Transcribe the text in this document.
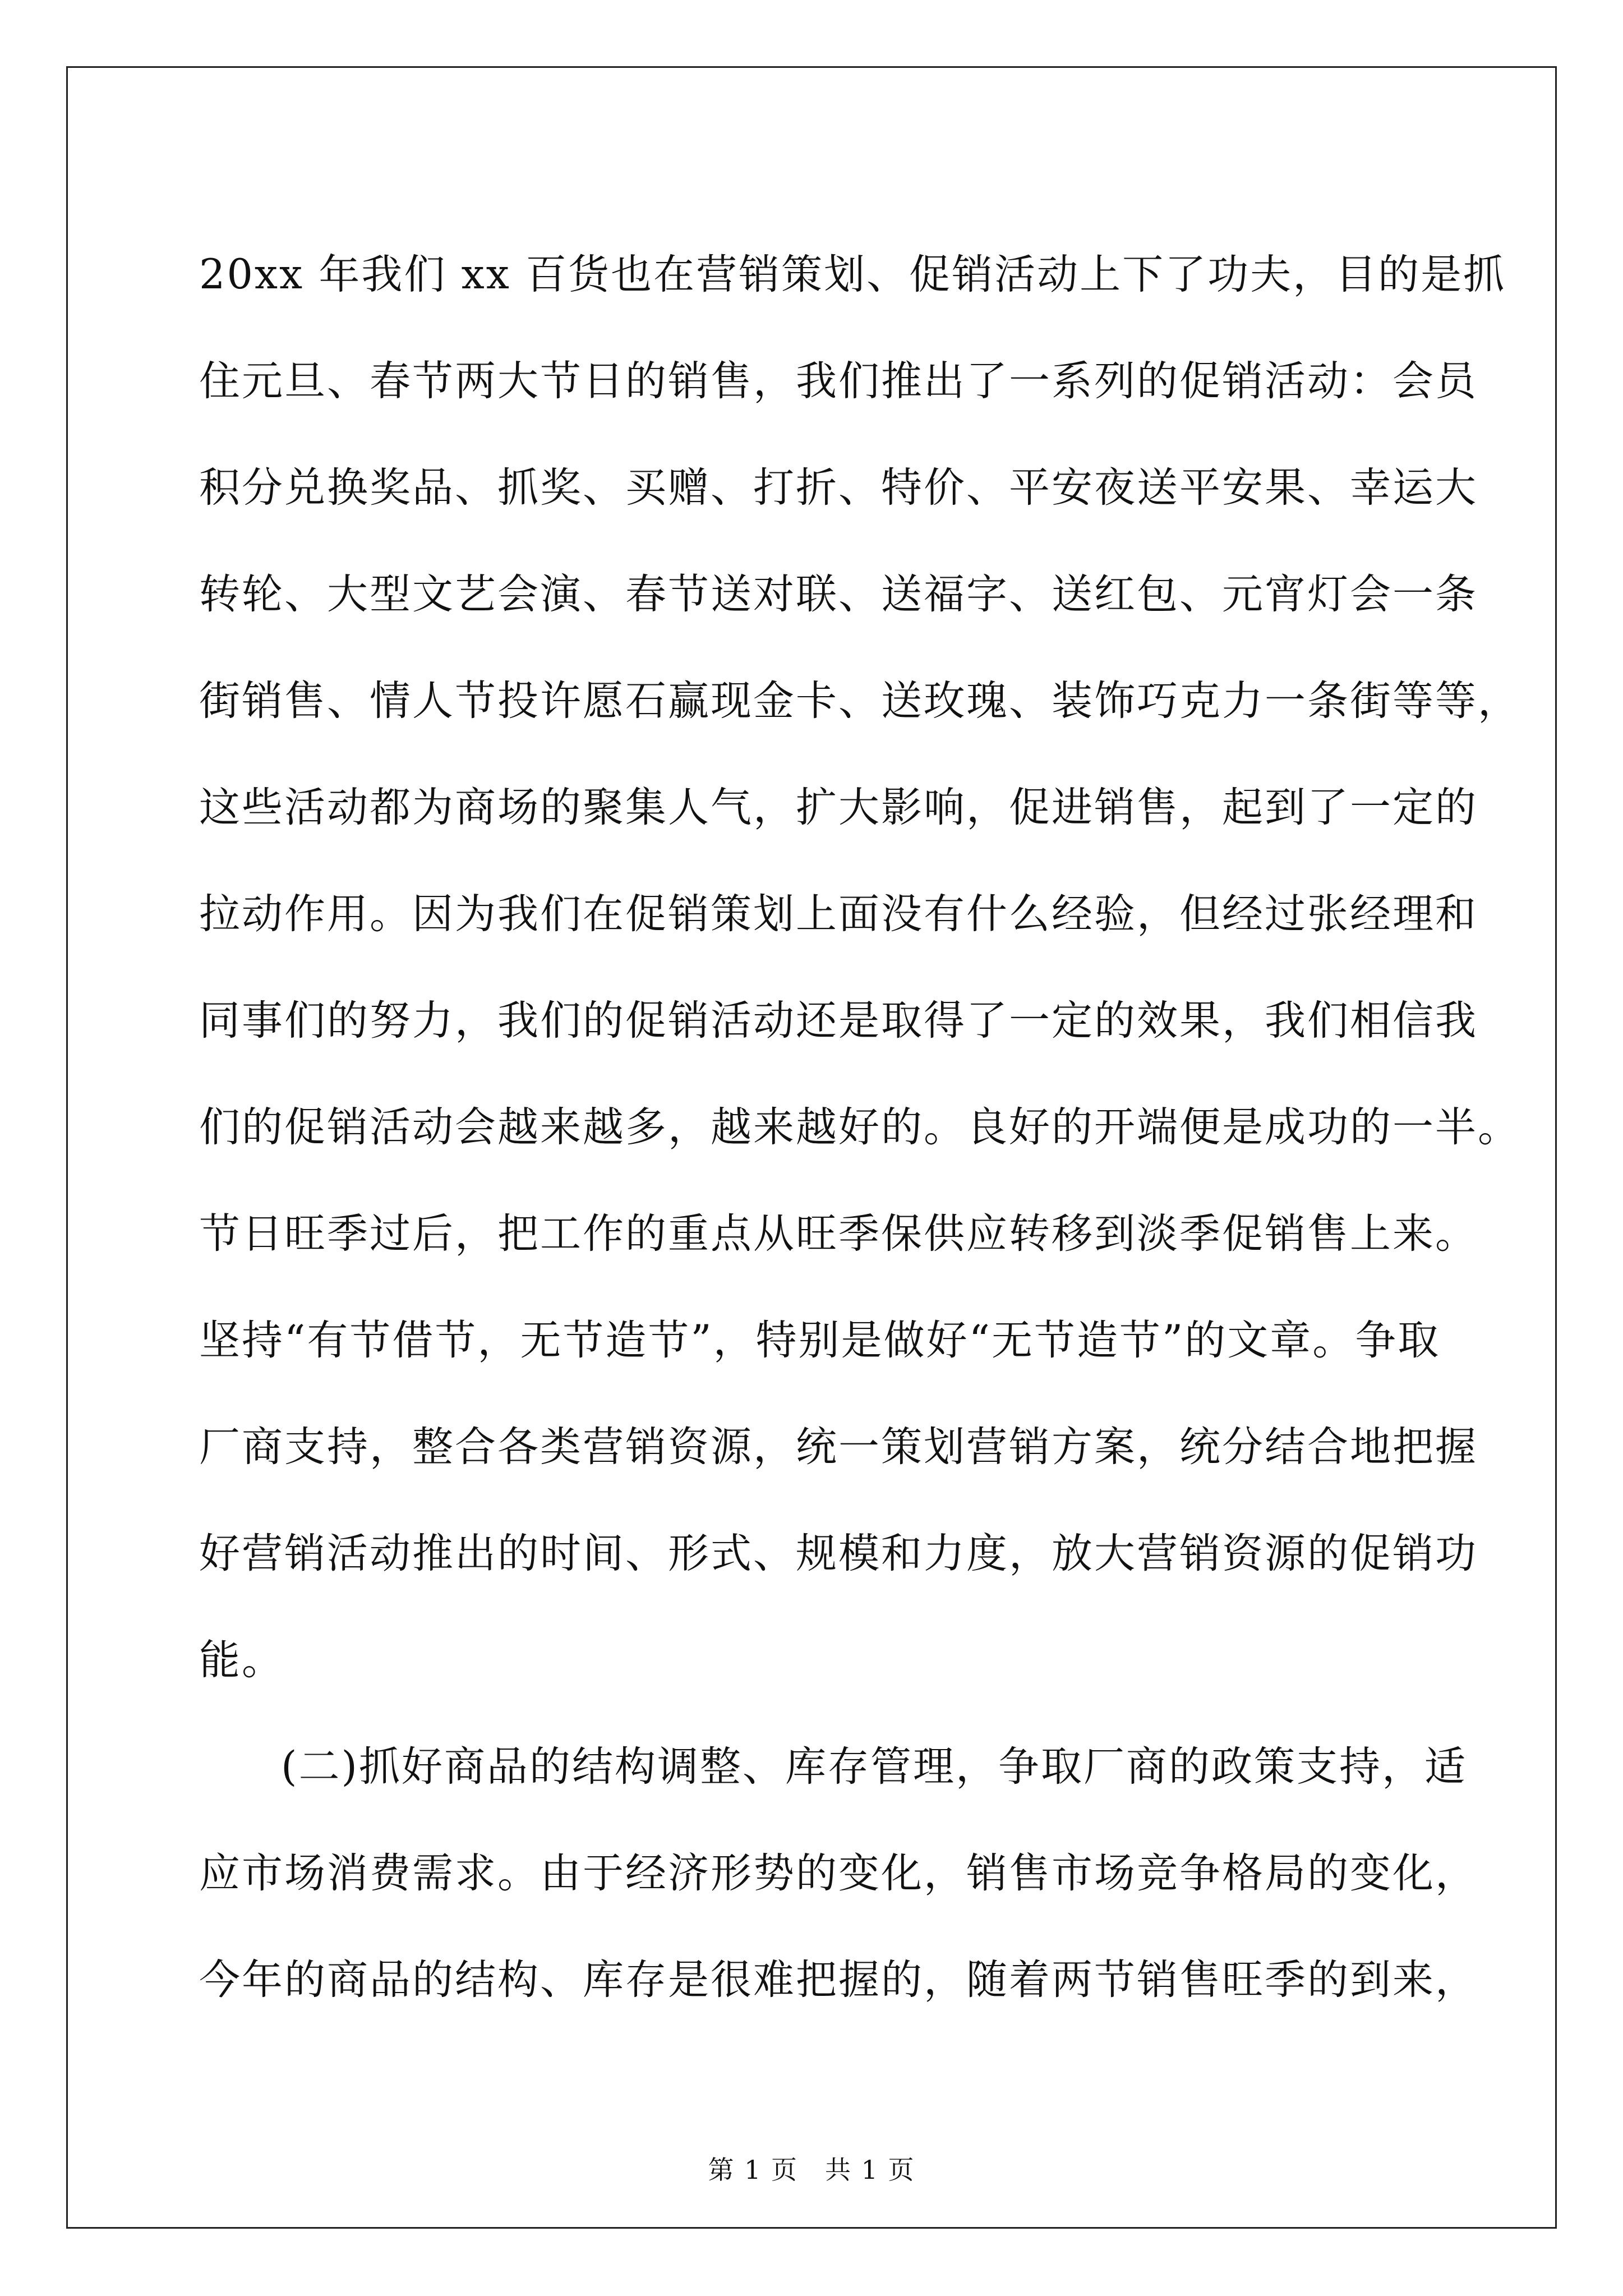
20xx 年我们 xx 百货也在营销策划、促销活动上下了功夫，目的是抓
住元旦、春节两大节日的销售，我们推出了一系列的促销活动：会员
积分兑换奖品、抓奖、买赠、打折、特价、平安夜送平安果、幸运大
转轮、大型文艺会演、春节送对联、送福字、送红包、元宵灯会一条
街销售、情人节投许愿石赢现金卡、送玫瑰、装饰巧克力一条街等等，
这些活动都为商场的聚集人气，扩大影响，促进销售，起到了一定的
拉动作用。因为我们在促销策划上面没有什么经验，但经过张经理和
同事们的努力，我们的促销活动还是取得了一定的效果，我们相信我
们的促销活动会越来越多，越来越好的。良好的开端便是成功的一半。
节日旺季过后，把工作的重点从旺季保供应转移到淡季促销售上来。
坚持“有节借节，无节造节”，特别是做好“无节造节”的文章。争取
厂商支持，整合各类营销资源，统一策划营销方案，统分结合地把握
好营销活动推出的时间、形式、规模和力度，放大营销资源的促销功
能。
(二)抓好商品的结构调整、库存管理，争取厂商的政策支持，适
应市场消费需求。由于经济形势的变化，销售市场竞争格局的变化，
今年的商品的结构、库存是很难把握的，随着两节销售旺季的到来，
第 1 页　共 1 页
